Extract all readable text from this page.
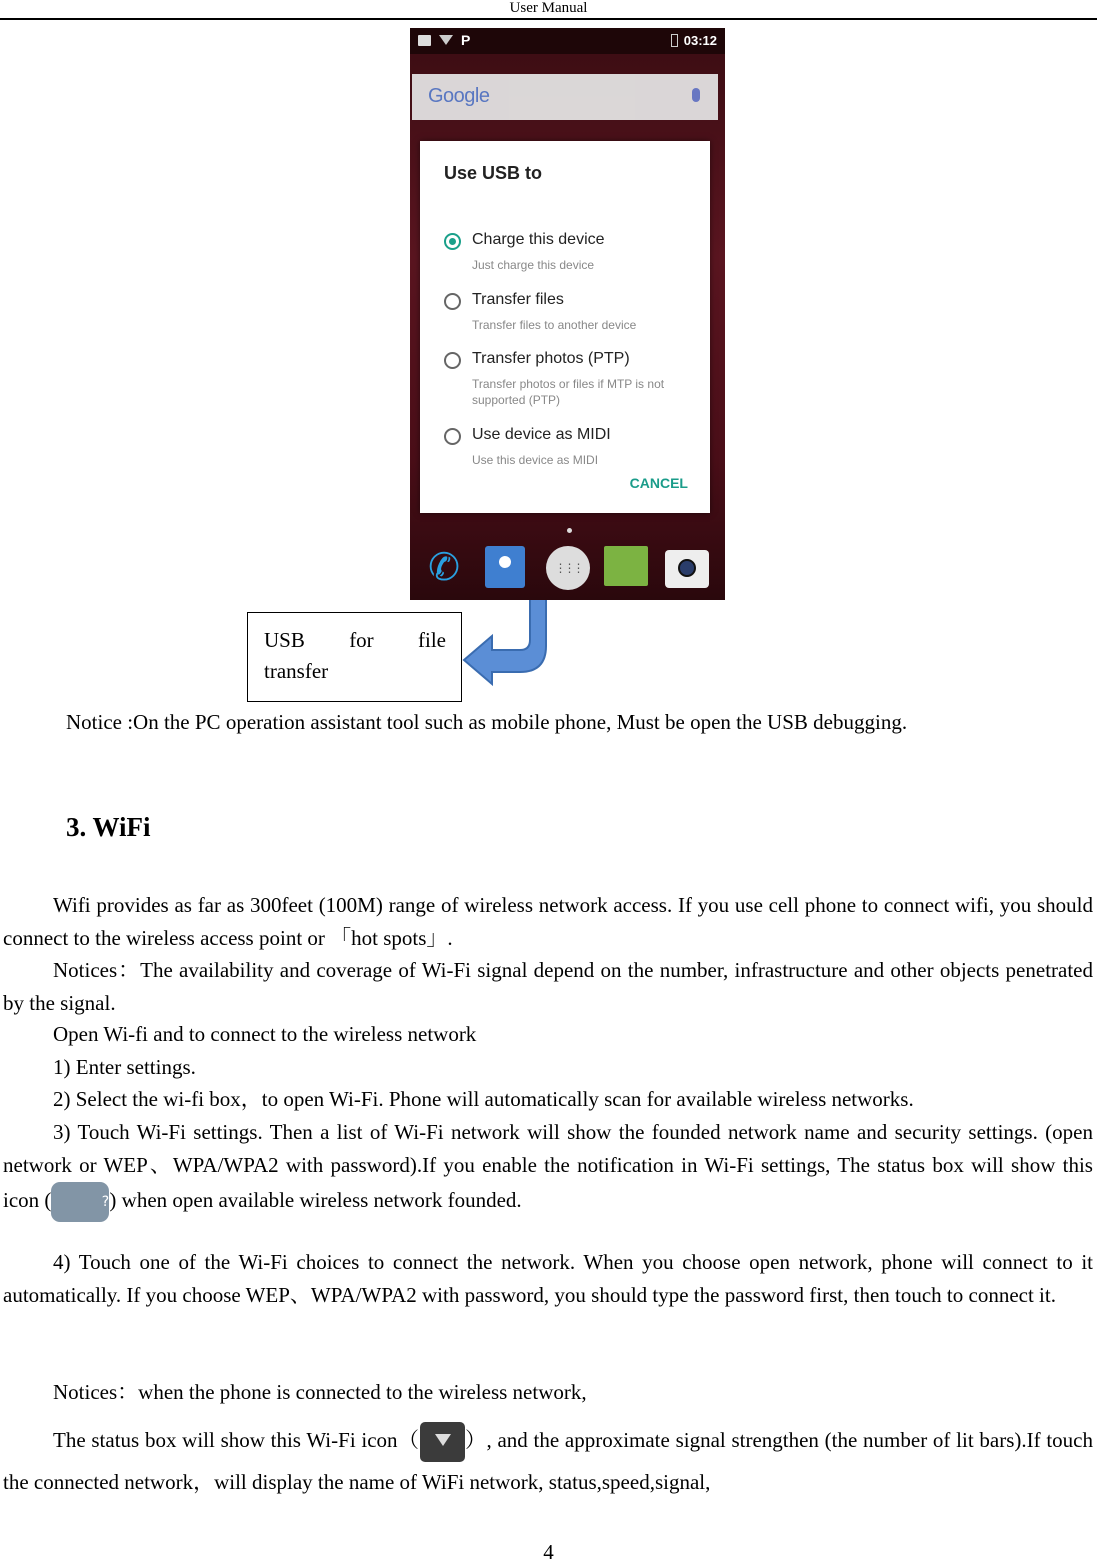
User Manual
P	03:12
Google
Use USB to
Charge this device
Just charge this device
Transfer files
Transfer files to another device
Transfer photos (PTP)
Transfer photos or files if MTP is not supported (PTP)
Use device as MIDI
Use this device as MIDI
CANCEL
✆
⋮⋮⋮
USB for file
transfer
Notice :On the PC operation assistant tool such as mobile phone, Must be open the USB debugging.
3. WiFi
Wifi provides as far as 300feet (100M) range of wireless network access. If you use cell phone to connect wifi, you should connect to the wireless access point or 「hot spots」.
Notices：The availability and coverage of Wi-Fi signal depend on the number, infrastructure and other objects penetrated by the signal.
Open Wi-fi and to connect to the wireless network
1) Enter settings.
2) Select the wi-fi box，to open Wi-Fi. Phone will automatically scan for available wireless networks.
3) Touch Wi-Fi settings. Then a list of Wi-Fi network will show the founded network name and security settings. (open network or WEP、WPA/WPA2 with password).If you enable the notification in Wi-Fi settings, The status box will show this icon (?	) when open available wireless network founded.
4) Touch one of the Wi-Fi choices to connect the network. When you choose open network, phone will connect to it automatically. If you choose WEP、WPA/WPA2 with password, you should type the password first, then touch to connect it.
Notices：when the phone is connected to the wireless network,
The status box will show this Wi-Fi icon（ ）, and the approximate signal strengthen (the number of lit bars).If touch the connected network，will display the name of WiFi network, status,speed,signal,
4
